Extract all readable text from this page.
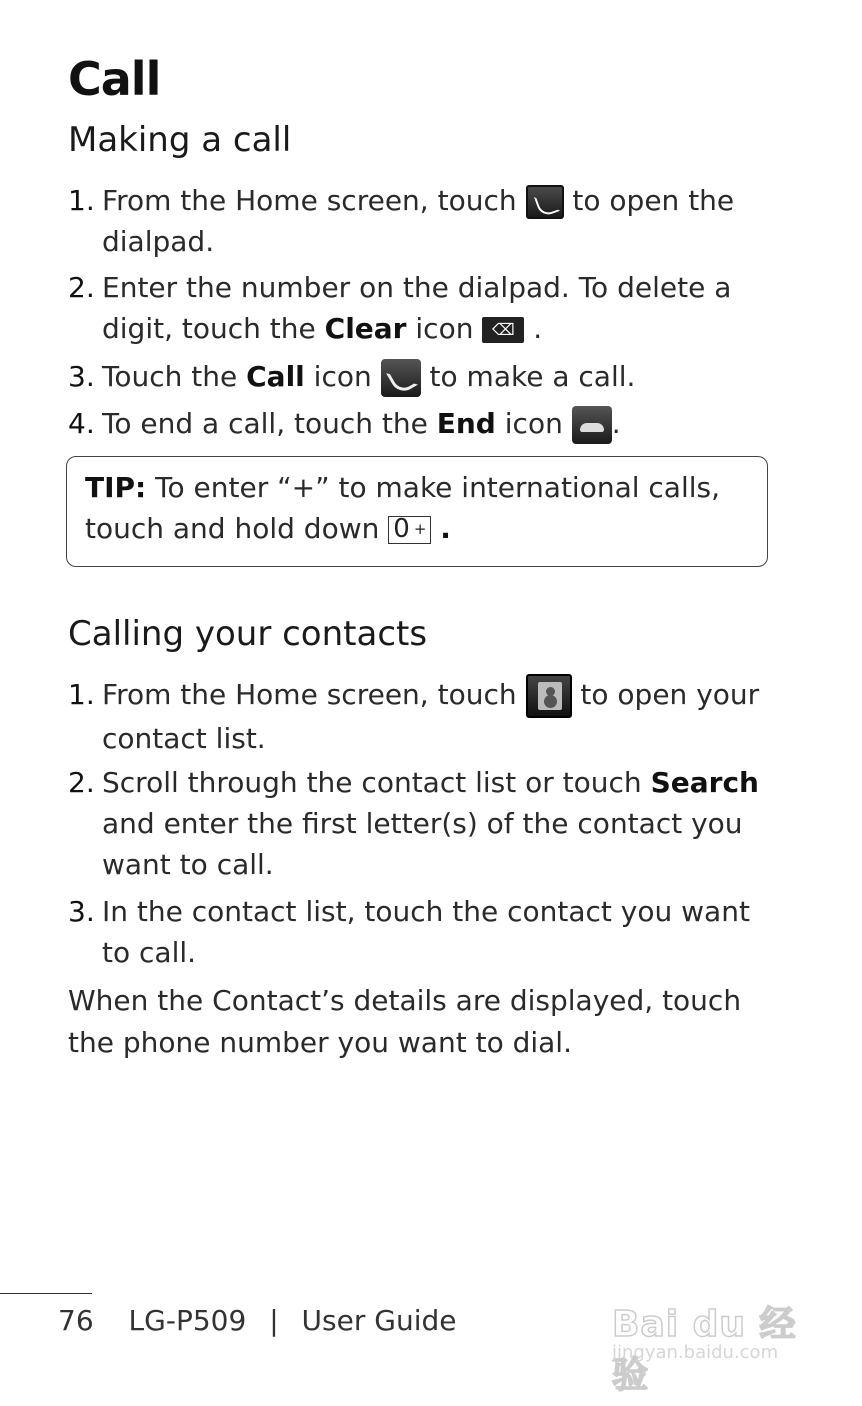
Call
Making a call
1. From the Home screen, touch to open the dialpad.
2. Enter the number on the dialpad. To delete a digit, touch the Clear icon ⌫ .
3. Touch the Call icon to make a call.
4. To end a call, touch the End icon .
TIP: To enter “+” to make international calls, touch and hold down 0 + .
Calling your contacts
1. From the Home screen, touch to open your contact list.
2. Scroll through the contact list or touch Search and enter the first letter(s) of the contact you want to call.
3. In the contact list, touch the contact you want to call.

When the Contact’s details are displayed, touch the phone number you want to dial.

76 LG-P509 | User Guide	Bai du 经验
jingyan.baidu.com
